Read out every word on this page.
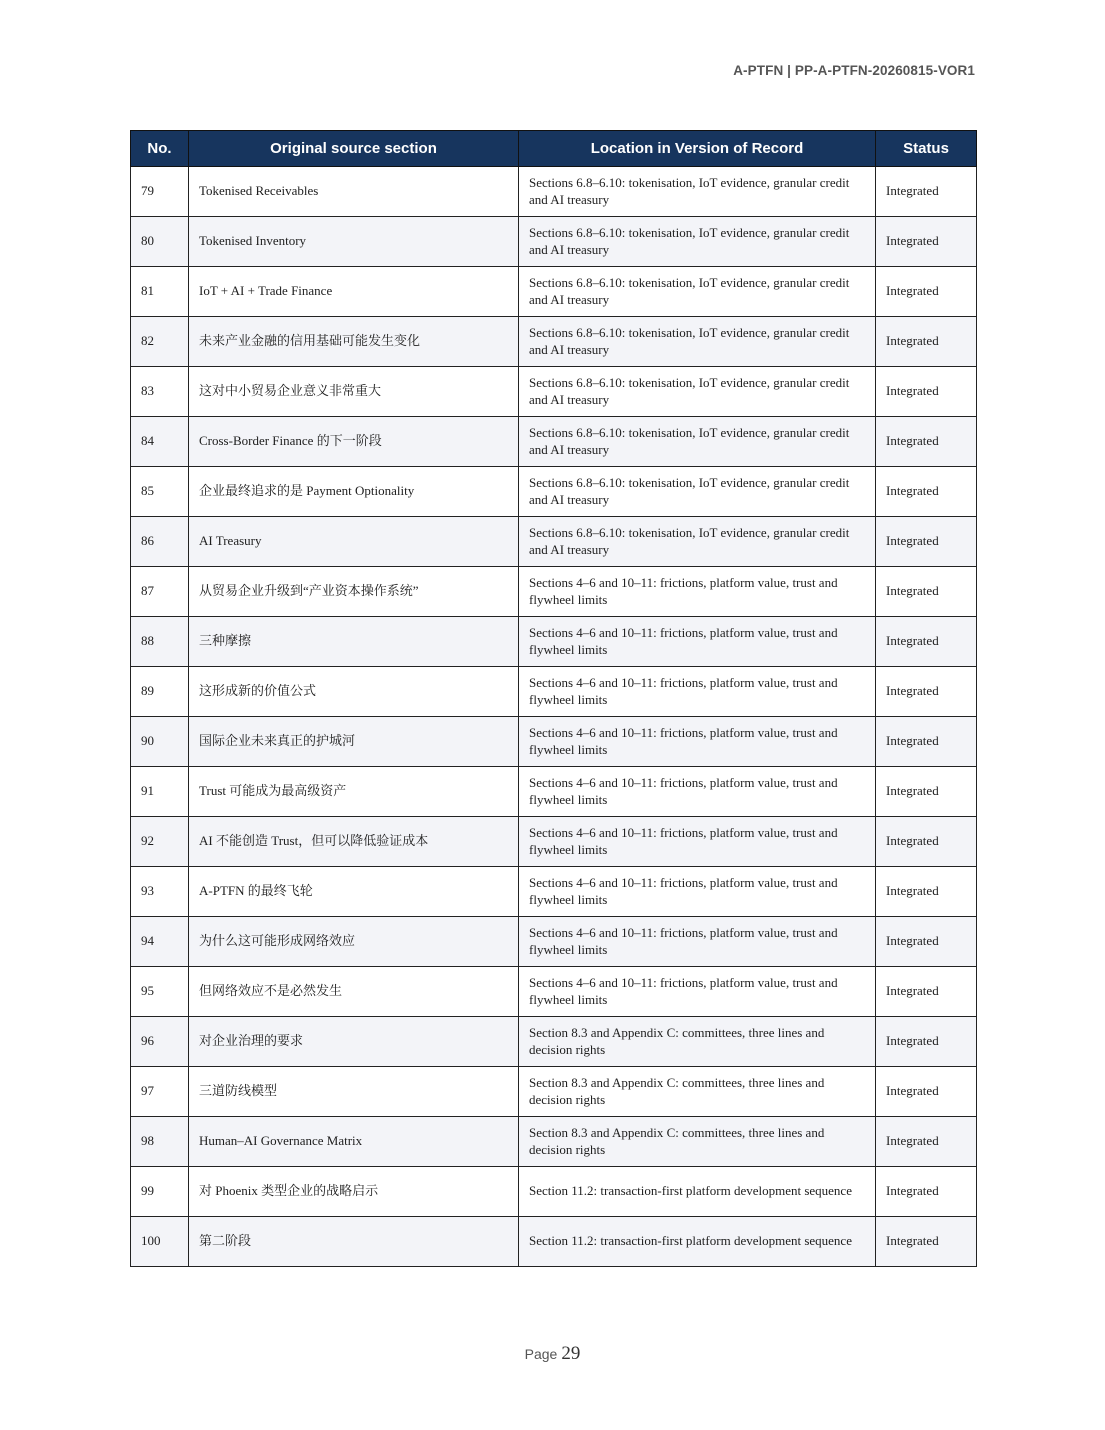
A-PTFN | PP-A-PTFN-20260815-VOR1
No.	Original source section	Location in Version of Record	Status
79	Tokenised Receivables	Sections 6.8–6.10: tokenisation, IoT evidence, granular credit and AI treasury	Integrated
80	Tokenised Inventory	Sections 6.8–6.10: tokenisation, IoT evidence, granular credit and AI treasury	Integrated
81	IoT + AI + Trade Finance	Sections 6.8–6.10: tokenisation, IoT evidence, granular credit and AI treasury	Integrated
82	未来产业金融的信用基础可能发生变化	Sections 6.8–6.10: tokenisation, IoT evidence, granular credit and AI treasury	Integrated
83	这对中小贸易企业意义非常重大	Sections 6.8–6.10: tokenisation, IoT evidence, granular credit and AI treasury	Integrated
84	Cross-Border Finance 的下一阶段	Sections 6.8–6.10: tokenisation, IoT evidence, granular credit and AI treasury	Integrated
85	企业最终追求的是 Payment Optionality	Sections 6.8–6.10: tokenisation, IoT evidence, granular credit and AI treasury	Integrated
86	AI Treasury	Sections 6.8–6.10: tokenisation, IoT evidence, granular credit and AI treasury	Integrated
87	从贸易企业升级到“产业资本操作系统”	Sections 4–6 and 10–11: frictions, platform value, trust and flywheel limits	Integrated
88	三种摩擦	Sections 4–6 and 10–11: frictions, platform value, trust and flywheel limits	Integrated
89	这形成新的价值公式	Sections 4–6 and 10–11: frictions, platform value, trust and flywheel limits	Integrated
90	国际企业未来真正的护城河	Sections 4–6 and 10–11: frictions, platform value, trust and flywheel limits	Integrated
91	Trust 可能成为最高级资产	Sections 4–6 and 10–11: frictions, platform value, trust and flywheel limits	Integrated
92	AI 不能创造 Trust，但可以降低验证成本	Sections 4–6 and 10–11: frictions, platform value, trust and flywheel limits	Integrated
93	A-PTFN 的最终飞轮	Sections 4–6 and 10–11: frictions, platform value, trust and flywheel limits	Integrated
94	为什么这可能形成网络效应	Sections 4–6 and 10–11: frictions, platform value, trust and flywheel limits	Integrated
95	但网络效应不是必然发生	Sections 4–6 and 10–11: frictions, platform value, trust and flywheel limits	Integrated
96	对企业治理的要求	Section 8.3 and Appendix C: committees, three lines and decision rights	Integrated
97	三道防线模型	Section 8.3 and Appendix C: committees, three lines and decision rights	Integrated
98	Human–AI Governance Matrix	Section 8.3 and Appendix C: committees, three lines and decision rights	Integrated
99	对 Phoenix 类型企业的战略启示	Section 11.2: transaction-first platform development sequence	Integrated
100	第二阶段	Section 11.2: transaction-first platform development sequence	Integrated
Page 29
